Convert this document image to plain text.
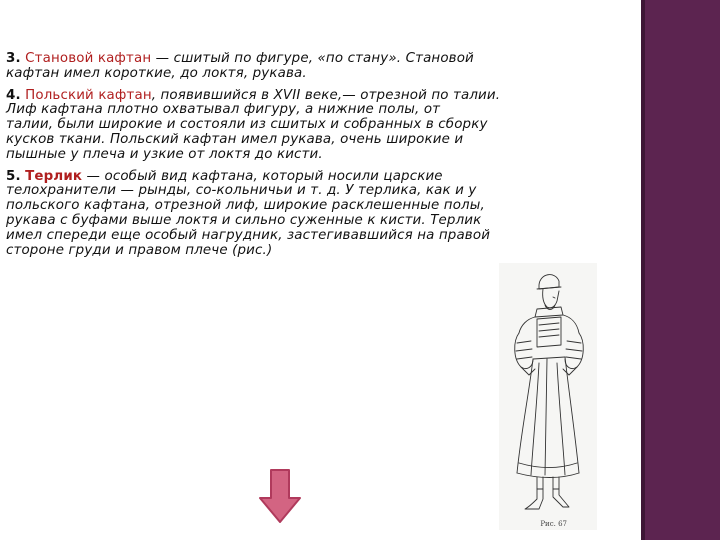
3. Становой кафтан — сшитый по фигуре, «по стану». Становой
кафтан имел короткие, до локтя, рукава.
4. Польский кафтан, появившийся в XVII веке,— отрезной по талии.
Лиф кафтана плотно охватывал фигуру, а нижние полы, от
талии, были широкие и состояли из сшитых и собранных в сборку
кусков ткани. Польский кафтан имел рукава, очень широкие и
пышные у плеча и узкие от локтя до кисти.
5. Терлик — особый вид кафтана, который носили царские
телохранители — рынды, со-кольничьи и т. д. У терлика, как и у
польского кафтана, отрезной лиф, широкие расклешенные полы,
рукава с буфами выше локтя и сильно суженные к кисти. Терлик
имел спереди еще особый нагрудник, застегивавшийся на правой
стороне груди и правом плече (рис.)
Рис. 67
